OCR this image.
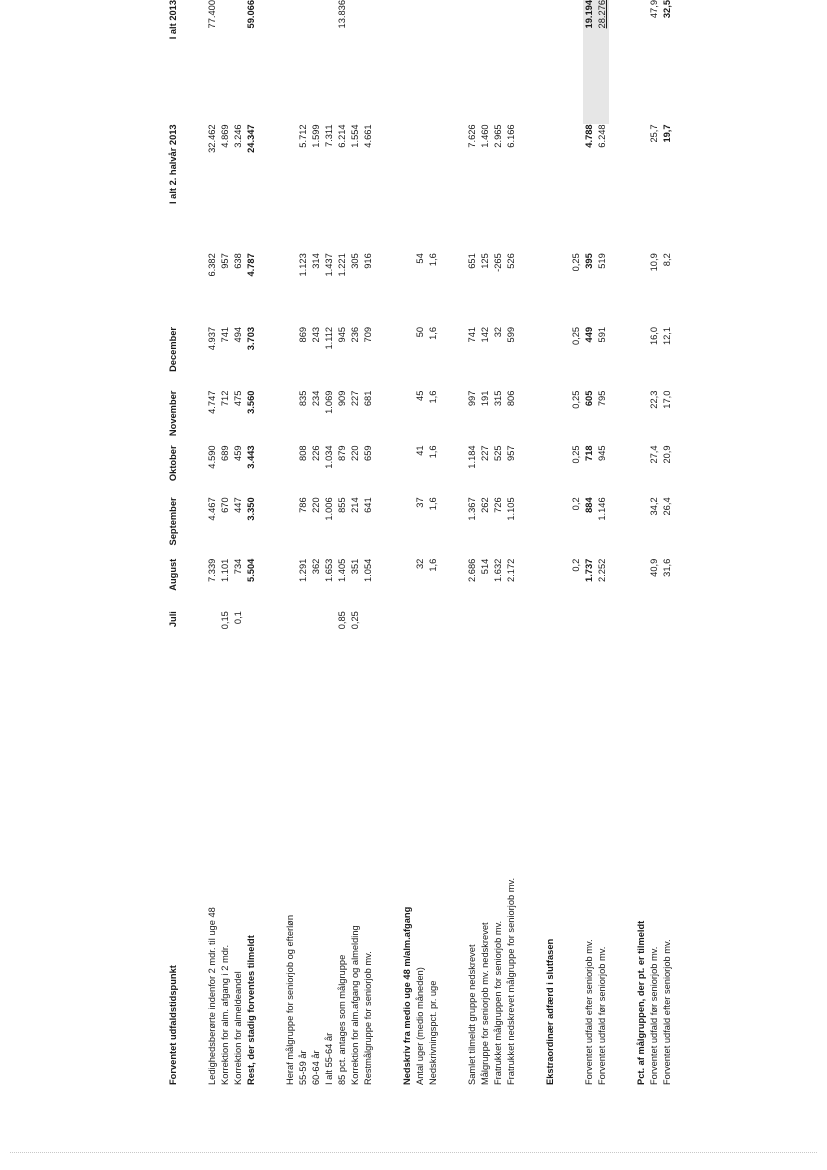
Forventet udfaldstidspunkt	Juli	August	September	Oktober	November	December		I alt 2. halvår 2013	I alt 2013

Ledighedsberørte indenfor 2 mdr. til uge 48		7.339	4.467	4.590	4.747	4.937	6.382	32.462	77.400
Korrektion for alm. afgang i 2 mdr.	0,15	1.101	670	689	712	741	957	4.869	
Korrektion for almeldeandel	0,1	734	447	459	475	494	638	3.246	
Rest, der stadig forventes tilmeldt		5.504	3.350	3.443	3.560	3.703	4.787	24.347	59.066

Heraf målgruppe for seniorjob og efterløn									
55-59 år		1.291	786	808	835	869	1.123	5.712	
60-64 år		362	220	226	234	243	314	1.599	
I alt 55-64 år		1.653	1.006	1.034	1.069	1.112	1.437	7.311	
85 pct. antages som målgruppe	0,85	1.405	855	879	909	945	1.221	6.214	13.836
Korrektion for alm.afgang og almelding	0,25	351	214	220	227	236	305	1.554	
Restmålgruppe for seniorjob mv.		1.054	641	659	681	709	916	4.661	

Nedskriv fra medio uge 48 m/alm.afgang									
Antal uger (medio måneden)		32	37	41	45	50	54		
Nedskrivningspct. pr. uge		1,6	1,6	1,6	1,6	1,6	1,6		

Samlet tilmeldt gruppe nedskrevet		2.686	1.367	1.184	997	741	651	7.626	
Målgruppe for seniorjob mv. nedskrevet		514	262	227	191	142	125	1.460	
Fratrukket målgruppen for seniorjob mv.		1.632	726	525	315	32	-265	2.965	
Fratrukket nedskrevet målgruppe for seniorjob mv.		2.172	1.105	957	806	599	526	6.166	

Ekstraordinær adfærd i slutfasen									

		0,2	0,2	0,25	0,25	0,25	0,25		
Forventet udfald efter seniorjob mv.		1.737	884	718	605	449	395	4.788	19.194
Forventet udfald før seniorjob mv.		2.252	1.146	945	795	591	519	6.248	28.276

Pct. af målgruppen, der pt. er tilmeldt									
Forventet udfald før seniorjob mv.		40,9	34,2	27,4	22,3	16,0	10,9	25,7	47,9
Forventet udfald efter seniorjob mv.		31,6	26,4	20,9	17,0	12,1	8,2	19,7	32,5
